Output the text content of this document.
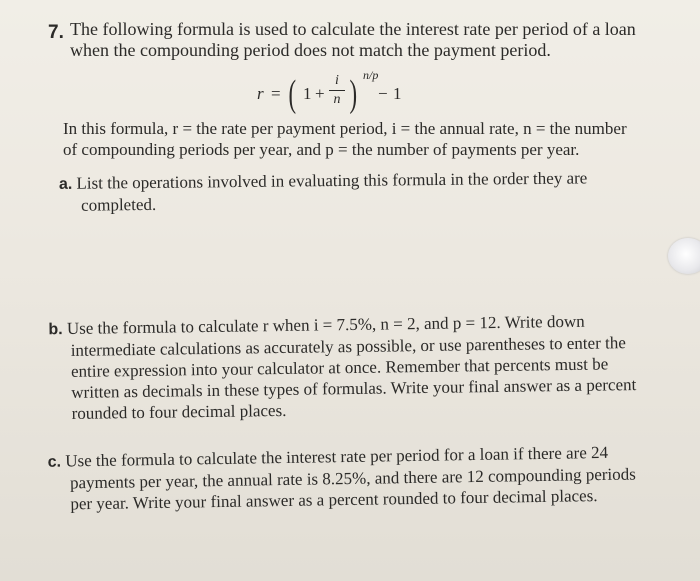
7. The following formula is used to calculate the interest rate per period of a loan when the compounding period does not match the payment period.

r = ( 1 +
i
n ) n/p
− 1

In this formula, r = the rate per payment period, i = the annual rate, n = the number of compounding periods per year, and p = the number of payments per year.

a. List the operations involved in evaluating this formula in the order they are completed.
b. Use the formula to calculate r when i = 7.5%, n = 2, and p = 12. Write down intermediate calculations as accurately as possible, or use parentheses to enter the entire expression into your calculator at once. Remember that percents must be written as decimals in these types of formulas. Write your final answer as a percent rounded to four decimal places.
c. Use the formula to calculate the interest rate per period for a loan if there are 24 payments per year, the annual rate is 8.25%, and there are 12 compounding periods per year. Write your final answer as a percent rounded to four decimal places.
